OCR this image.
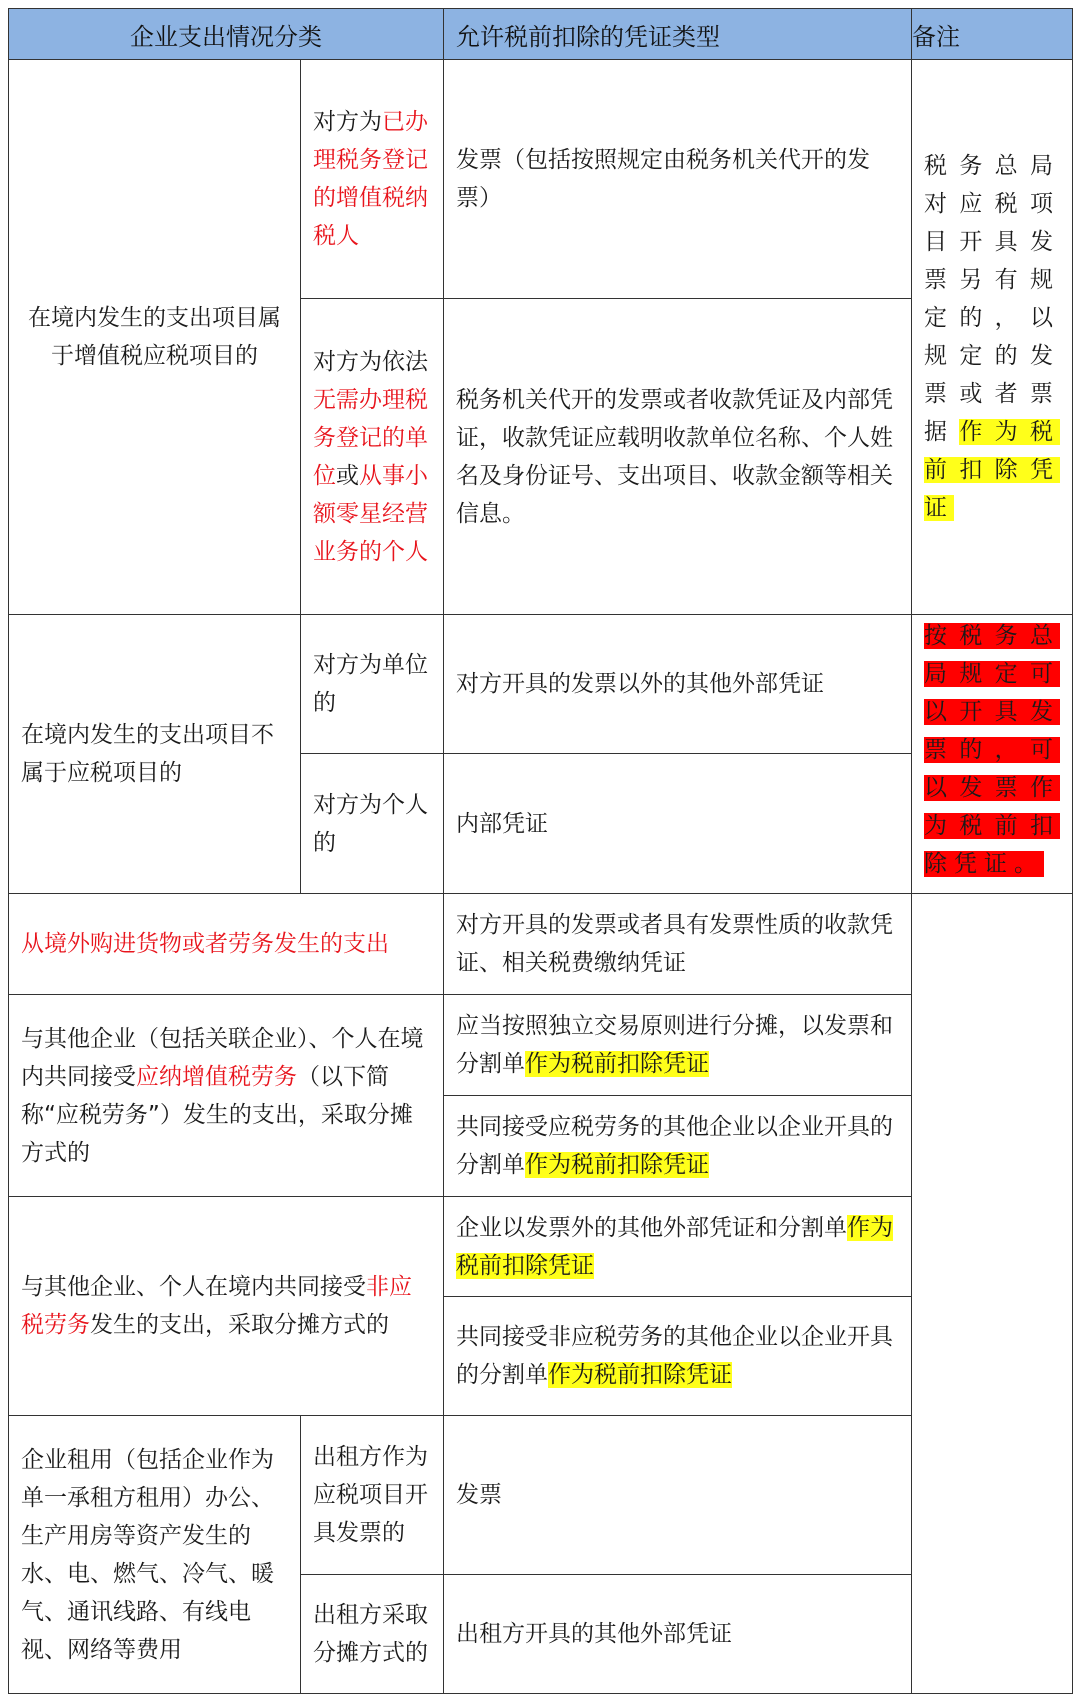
企业支出情况分类		允许税前扣除的凭证类型	备注
在境内发生的支出项目属于增值税应税项目的	对方为已办理税务登记的增值税纳税人	发票（包括按照规定由税务机关代开的发票）	税务总局对应税项目开具发票另有规定的，以规定的发票或者票据作为税前扣除凭证

	对方为依法无需办理税务登记的单位或从事小额零星经营业务的个人	税务机关代开的发票或者收款凭证及内部凭证，收款凭证应载明收款单位名称、个人姓名及身份证号、支出项目、收款金额等相关信息。	
在境内发生的支出项目不属于应税项目的	对方为单位的	对方开具的发票以外的其他外部凭证	按税务总局规定可以开具发票的，可以发票作为税前扣除凭证。

	对方为个人的	内部凭证	
从境外购进货物或者劳务发生的支出		对方开具的发票或者具有发票性质的收款凭证、相关税费缴纳凭证	
与其他企业（包括关联企业）、个人在境内共同接受应纳增值税劳务（以下简称“应税劳务”）发生的支出，采取分摊方式的		应当按照独立交易原则进行分摊，以发票和分割单作为税前扣除凭证	
		共同接受应税劳务的其他企业以企业开具的分割单作为税前扣除凭证	
与其他企业、个人在境内共同接受非应税劳务发生的支出，采取分摊方式的		企业以发票外的其他外部凭证和分割单作为税前扣除凭证	
		共同接受非应税劳务的其他企业以企业开具的分割单作为税前扣除凭证	
企业租用（包括企业作为单一承租方租用）办公、生产用房等资产发生的水、电、燃气、冷气、暖气、通讯线路、有线电视、网络等费用	出租方作为应税项目开具发票的	发票	
	出租方采取分摊方式的	出租方开具的其他外部凭证	
